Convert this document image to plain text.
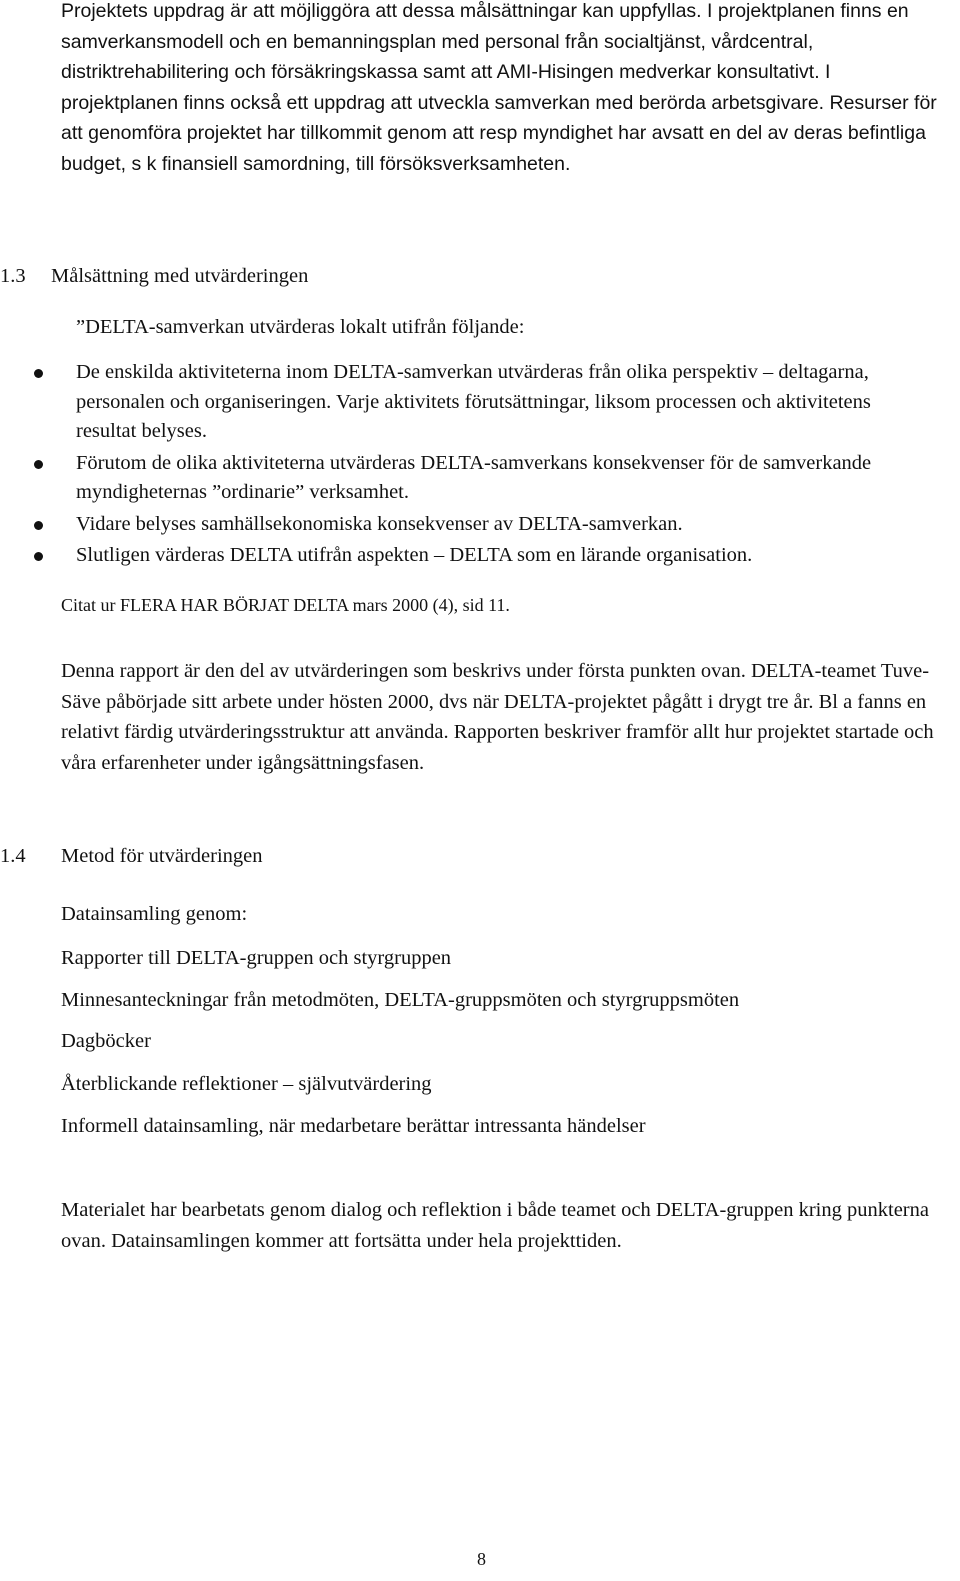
Projektets uppdrag är att möjliggöra att dessa målsättningar kan uppfyllas. I projektplanen finns en samverkansmodell och en bemanningsplan med personal från socialtjänst, vårdcentral, distriktrehabilitering och försäkringskassa samt att AMI-Hisingen medverkar konsultativt. I projektplanen finns också ett uppdrag att utveckla samverkan med berörda arbetsgivare. Resurser för att genomföra projektet har tillkommit genom att resp myndighet har avsatt en del av deras befintliga budget, s k finansiell samordning, till försöksverksamheten.

1.3 Målsättning med utvärderingen
”DELTA-samverkan utvärderas lokalt utifrån följande:
De enskilda aktiviteterna inom DELTA-samverkan utvärderas från olika perspektiv – deltagarna, personalen och organiseringen. Varje aktivitets förutsättningar, liksom processen och aktivitetens resultat belyses.
Förutom de olika aktiviteterna utvärderas DELTA-samverkans konsekvenser för de samverkande myndigheternas ”ordinarie” verksamhet.
Vidare belyses samhällsekonomiska konsekvenser av DELTA-samverkan.
Slutligen värderas DELTA utifrån aspekten – DELTA som en lärande organisation.
Citat ur FLERA HAR BÖRJAT DELTA mars 2000 (4), sid 11.

Denna rapport är den del av utvärderingen som beskrivs under första punkten ovan. DELTA-teamet Tuve-Säve påbörjade sitt arbete under hösten 2000, dvs när DELTA-projektet pågått i drygt tre år. Bl a fanns en relativt färdig utvärderingsstruktur att använda. Rapporten beskriver framför allt hur projektet startade och våra erfarenheter under igångsättningsfasen.

1.4 Metod för utvärderingen
Datainsamling genom:
Rapporter till DELTA-gruppen och styrgruppen
Minnesanteckningar från metodmöten, DELTA-gruppsmöten och styrgruppsmöten
Dagböcker
Återblickande reflektioner – självutvärdering
Informell datainsamling, när medarbetare berättar intressanta händelser

Materialet har bearbetats genom dialog och reflektion i både teamet och DELTA-gruppen kring punkterna ovan. Datainsamlingen kommer att fortsätta under hela projekttiden.

8
